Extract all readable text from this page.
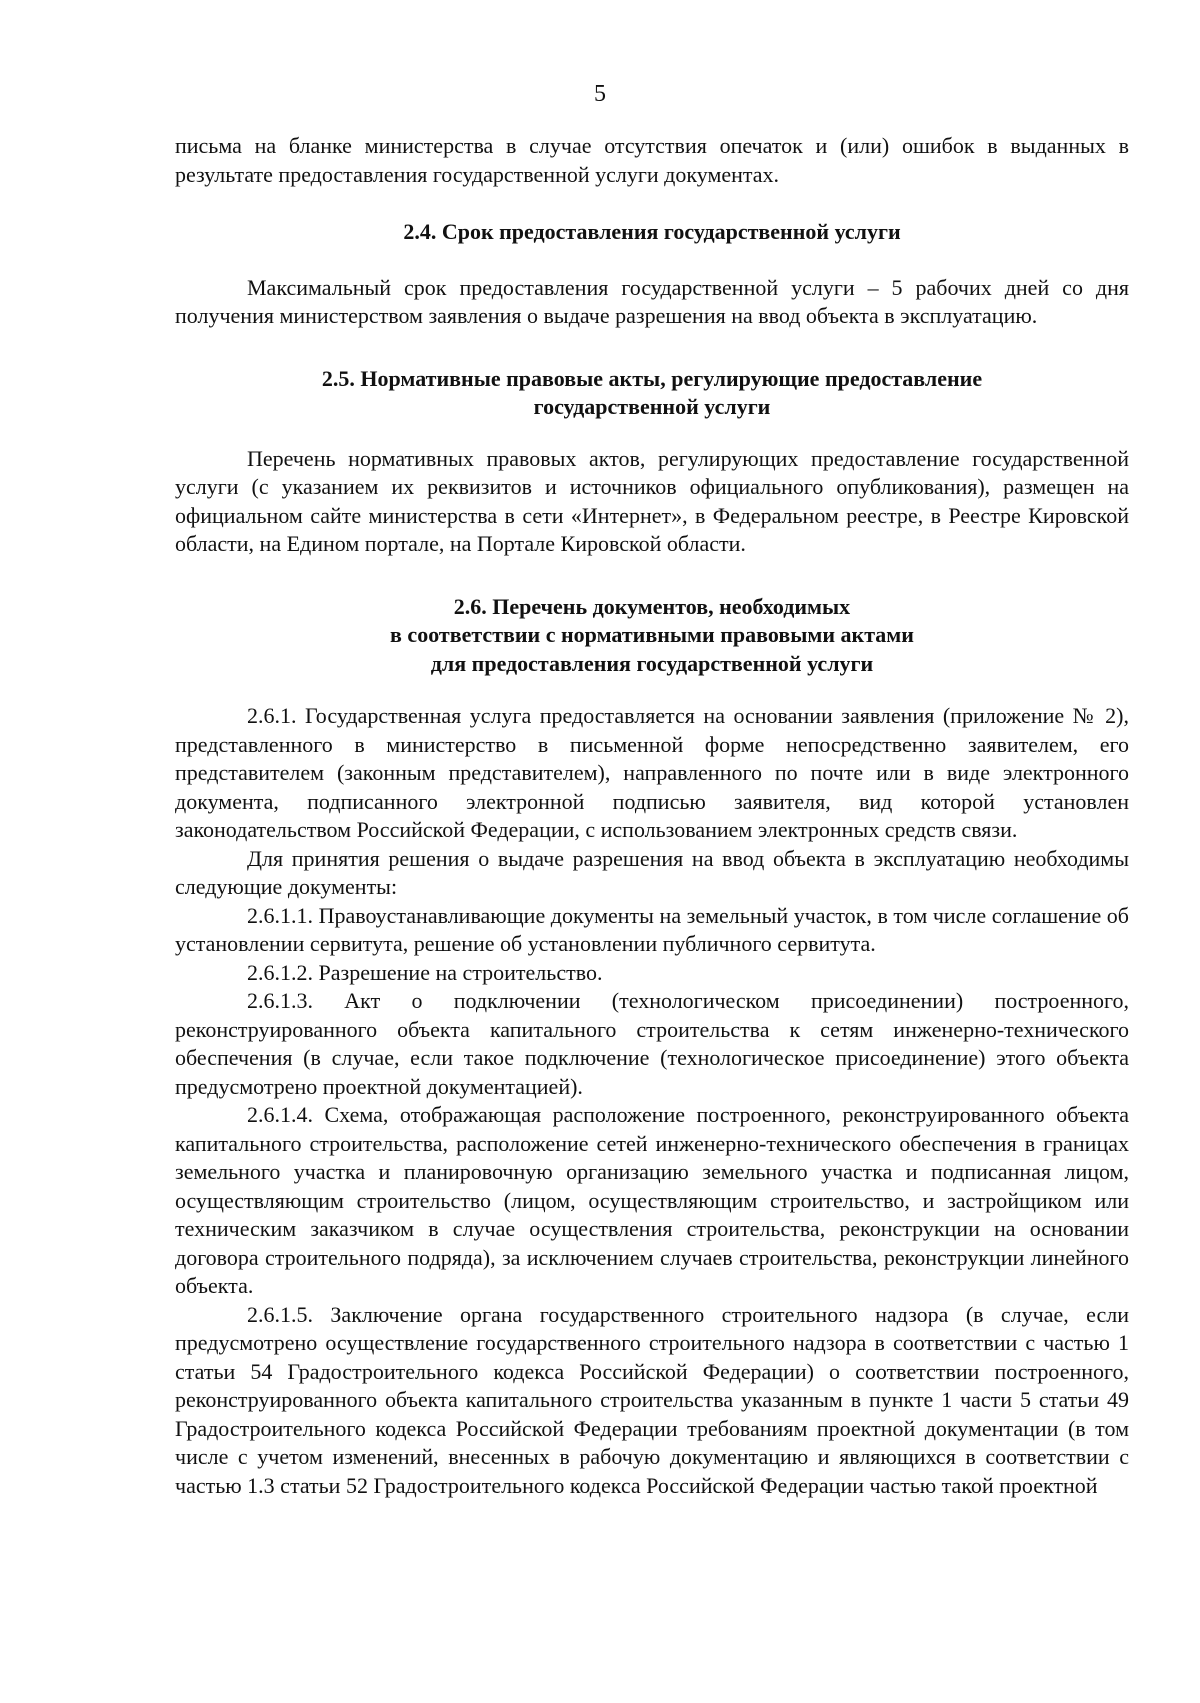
5

письма на бланке министерства в случае отсутствия опечаток и (или) ошибок в выданных в результате предоставления государственной услуги документах.

2.4. Срок предоставления государственной услуги

Максимальный срок предоставления государственной услуги – 5 рабочих дней со дня получения министерством заявления о выдаче разрешения на ввод объекта в эксплуатацию.

2.5. Нормативные правовые акты, регулирующие предоставление
государственной услуги

Перечень нормативных правовых актов, регулирующих предоставление государственной услуги (с указанием их реквизитов и источников официального опубликования), размещен на официальном сайте министерства в сети «Интернет», в Федеральном реестре, в Реестре Кировской области, на Едином портале, на Портале Кировской области.

2.6. Перечень документов, необходимых
в соответствии с нормативными правовыми актами
для предоставления государственной услуги

2.6.1. Государственная услуга предоставляется на основании заявления (приложение № 2), представленного в министерство в письменной форме непосредственно заявителем, его представителем (законным представителем), направленного по почте или в виде электронного документа, подписанного электронной подписью заявителя, вид которой установлен законодательством Российской Федерации, с использованием электронных средств связи.

Для принятия решения о выдаче разрешения на ввод объекта в эксплуатацию необходимы следующие документы:

2.6.1.1. Правоустанавливающие документы на земельный участок, в том числе соглашение об установлении сервитута, решение об установлении публичного сервитута.

2.6.1.2. Разрешение на строительство.

2.6.1.3. Акт о подключении (технологическом присоединении) построенного, реконструированного объекта капитального строительства к сетям инженерно-технического обеспечения (в случае, если такое подключение (технологическое присоединение) этого объекта предусмотрено проектной документацией).

2.6.1.4. Схема, отображающая расположение построенного, реконструированного объекта капитального строительства, расположение сетей инженерно-технического обеспечения в границах земельного участка и планировочную организацию земельного участка и подписанная лицом, осуществляющим строительство (лицом, осуществляющим строительство, и застройщиком или техническим заказчиком в случае осуществления строительства, реконструкции на основании договора строительного подряда), за исключением случаев строительства, реконструкции линейного объекта.

2.6.1.5. Заключение органа государственного строительного надзора (в случае, если предусмотрено осуществление государственного строительного надзора в соответствии с частью 1 статьи 54 Градостроительного кодекса Российской Федерации) о соответствии построенного, реконструированного объекта капитального строительства указанным в пункте 1 части 5 статьи 49 Градостроительного кодекса Российской Федерации требованиям проектной документации (в том числе с учетом изменений, внесенных в рабочую документацию и являющихся в соответствии с частью 1.3 статьи 52 Градостроительного кодекса Российской Федерации частью такой проектной
